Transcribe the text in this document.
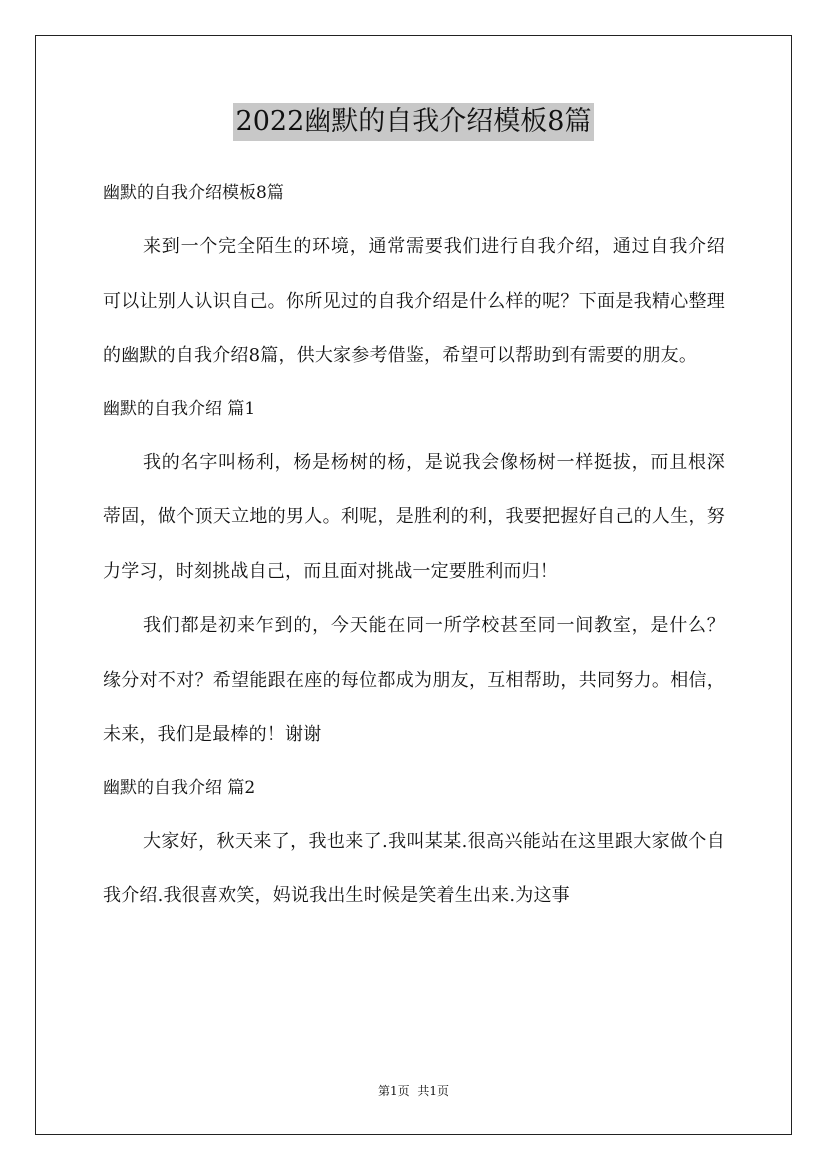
2022幽默的自我介绍模板8篇

幽默的自我介绍模板8篇

来到一个完全陌生的环境，通常需要我们进行自我介绍，通过自我介绍可以让别人认识自己。你所见过的自我介绍是什么样的呢？下面是我精心整理的幽默的自我介绍8篇，供大家参考借鉴，希望可以帮助到有需要的朋友。

幽默的自我介绍 篇1

我的名字叫杨利，杨是杨树的杨，是说我会像杨树一样挺拔，而且根深蒂固，做个顶天立地的男人。利呢，是胜利的利，我要把握好自己的人生，努力学习，时刻挑战自己，而且面对挑战一定要胜利而归！

我们都是初来乍到的，今天能在同一所学校甚至同一间教室，是什么？缘分对不对？希望能跟在座的每位都成为朋友，互相帮助，共同努力。相信，未来，我们是最棒的！谢谢

幽默的自我介绍 篇2

大家好，秋天来了，我也来了.我叫某某.很高兴能站在这里跟大家做个自我介绍.我很喜欢笑，妈说我出生时候是笑着生出来.为这事

第1页 共1页
